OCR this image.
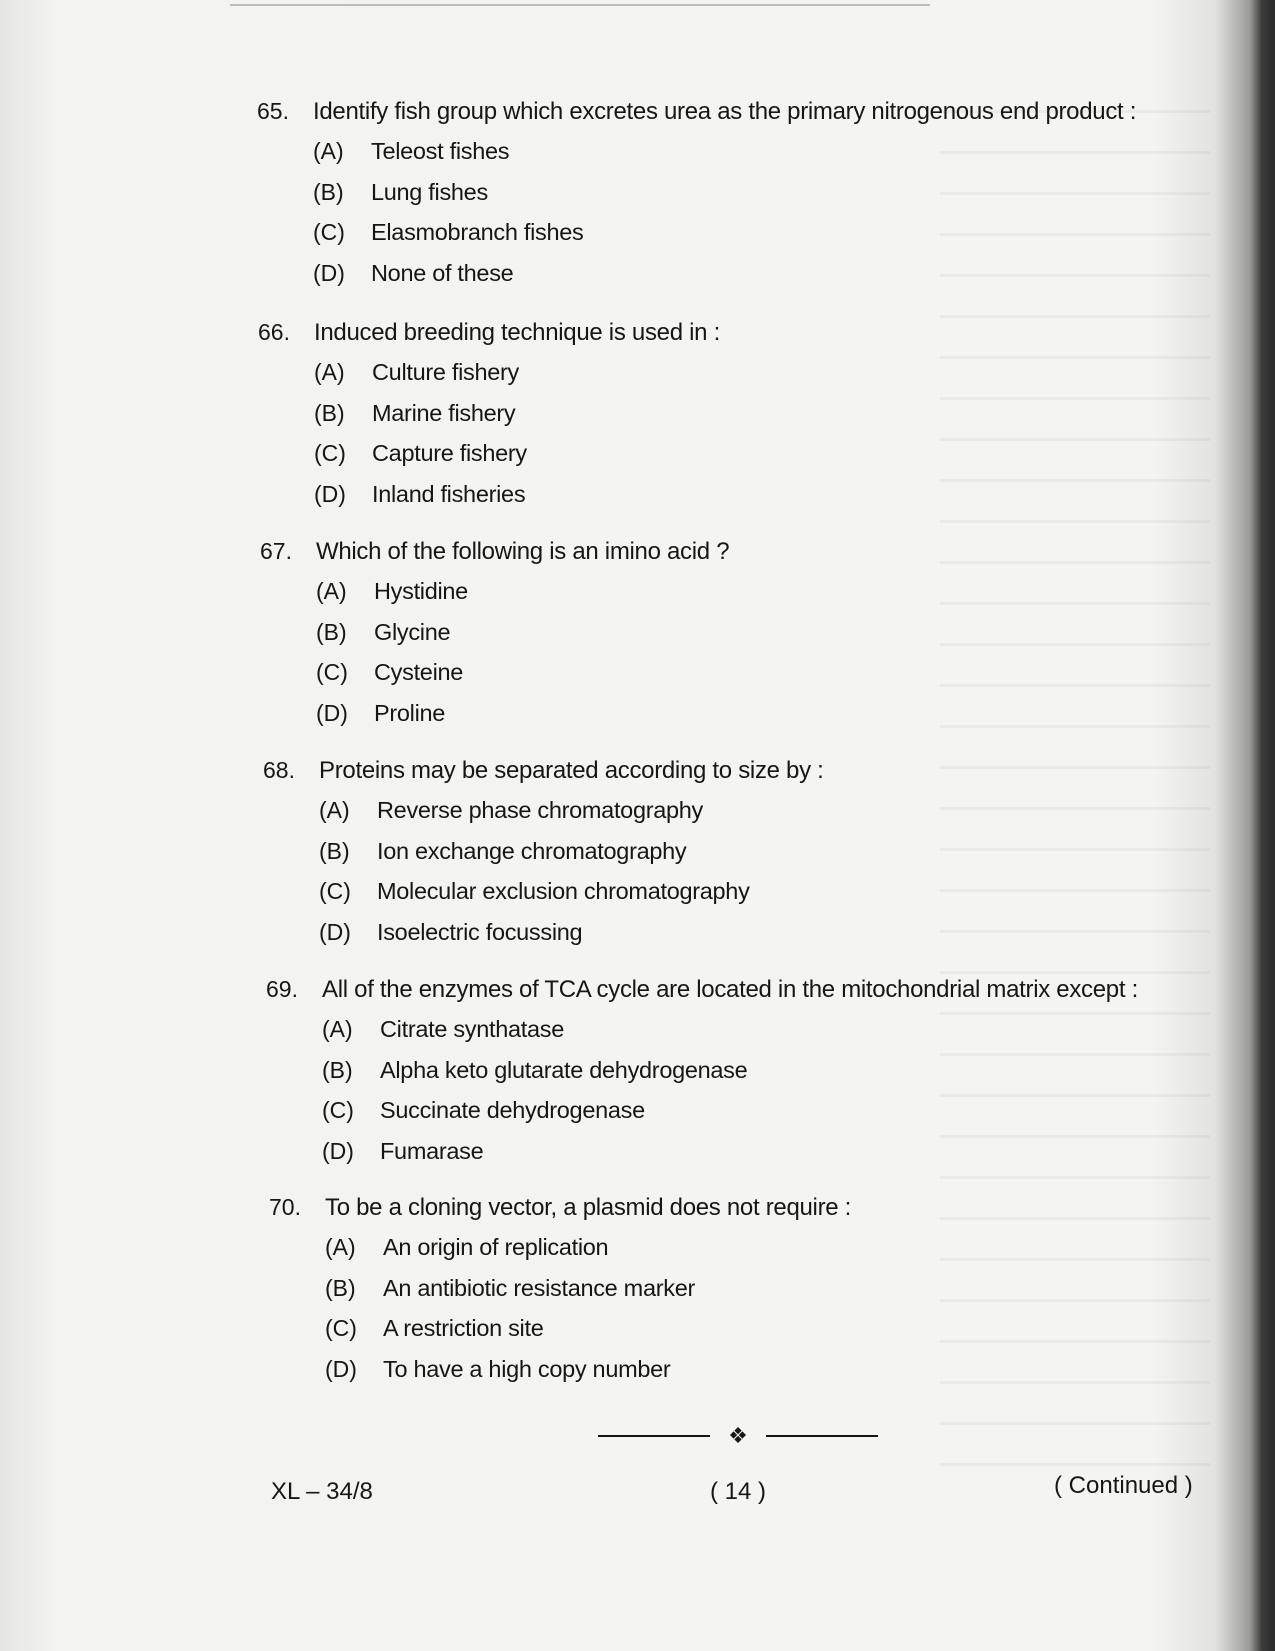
65.	Identify fish group which excretes urea as the primary nitrogenous end product :
(A)	Teleost fishes
(B)	Lung fishes
(C)	Elasmobranch fishes
(D)	None of these
66.	Induced breeding technique is used in :
(A)	Culture fishery
(B)	Marine fishery
(C)	Capture fishery
(D)	Inland fisheries
67.	Which of the following is an imino acid ?
(A)	Hystidine
(B)	Glycine
(C)	Cysteine
(D)	Proline
68.	Proteins may be separated according to size by :
(A)	Reverse phase chromatography
(B)	Ion exchange chromatography
(C)	Molecular exclusion chromatography
(D)	Isoelectric focussing
69.	All of the enzymes of TCA cycle are located in the mitochondrial matrix except :
(A)	Citrate synthatase
(B)	Alpha keto glutarate dehydrogenase
(C)	Succinate dehydrogenase
(D)	Fumarase
70.	To be a cloning vector, a plasmid does not require :
(A)	An origin of replication
(B)	An antibiotic resistance marker
(C)	A restriction site
(D)	To have a high copy number
❖
XL – 34/8	( 14 )	( Continued )
